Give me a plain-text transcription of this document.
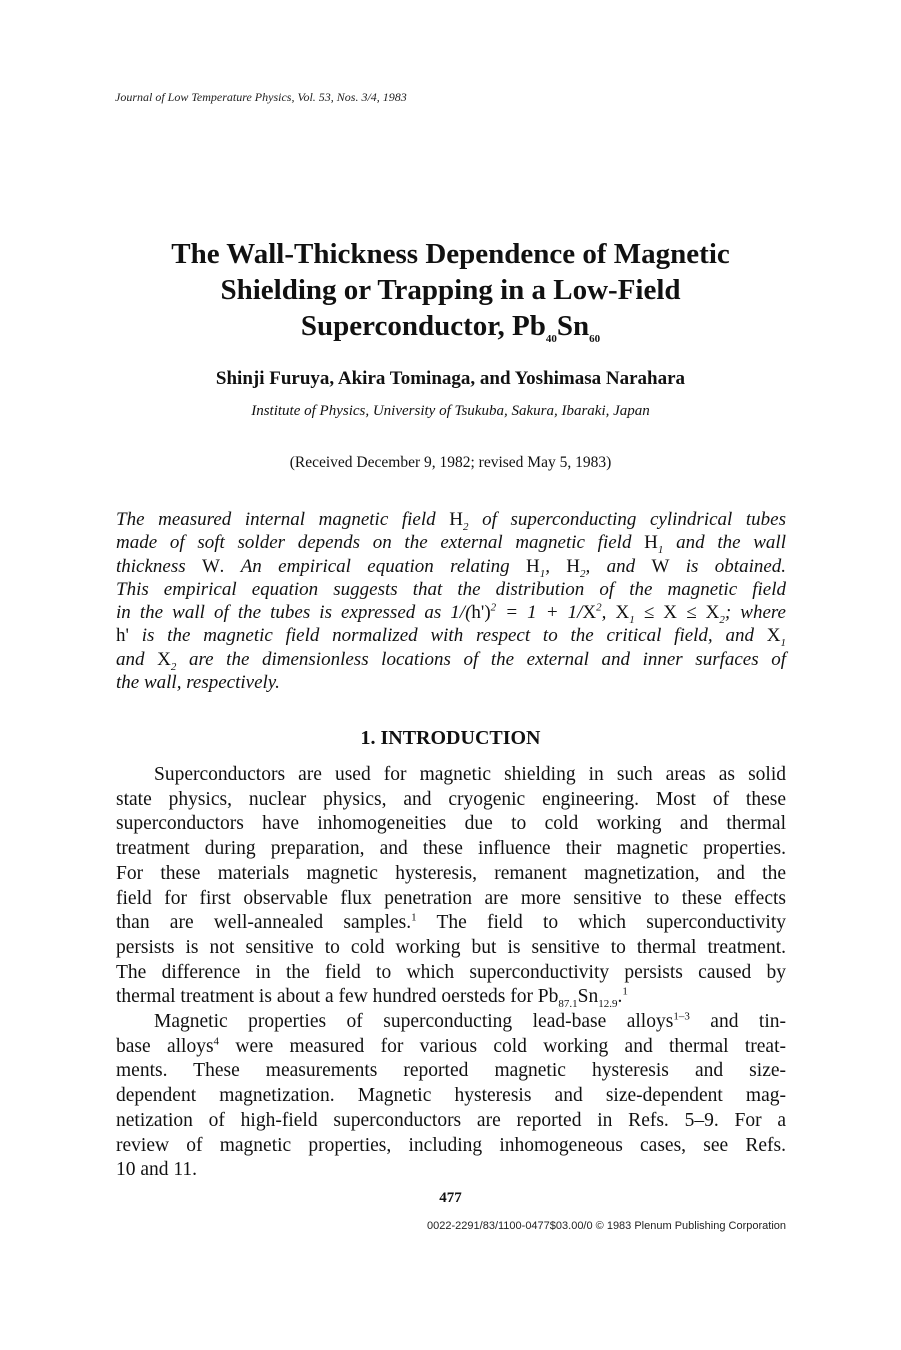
Journal of Low Temperature Physics, Vol. 53, Nos. 3/4, 1983
The Wall-Thickness Dependence of Magnetic
Shielding or Trapping in a Low-Field
Superconductor, $Pb_{40}Sn_{60}$
Shinji Furuya, Akira Tominaga, and Yoshimasa Narahara
Institute of Physics, University of Tsukuba, Sakura, Ibaraki, Japan
(Received December 9, 1982; revised May 5, 1983)
The measured internal magnetic field $H_2$ of superconducting cylindrical tubes
made of soft solder depends on the external magnetic field $H_1$ and the wall
thickness W. An empirical equation relating $H_1$, $H_2$, and W is obtained.
This empirical equation suggests that the distribution of the magnetic field
in the wall of the tubes is expressed as $1/(h')^2 = 1 + 1/X^2$, $X_1 \le X \le X_2$; where
h' is the magnetic field normalized with respect to the critical field, and $X_1$
and $X_2$ are the dimensionless locations of the external and inner surfaces of
the wall, respectively.
1. INTRODUCTION

Superconductors are used for magnetic shielding in such areas as solid
state physics, nuclear physics, and cryogenic engineering. Most of these
superconductors have inhomogeneities due to cold working and thermal
treatment during preparation, and these influence their magnetic properties.
For these materials magnetic hysteresis, remanent magnetization, and the
field for first observable flux penetration are more sensitive to these effects
than are well-annealed samples.$^1$ The field to which superconductivity
persists is not sensitive to cold working but is sensitive to thermal treatment.
The difference in the field to which superconductivity persists caused by
thermal treatment is about a few hundred oersteds for $Pb_{87.1}Sn_{12.9}.^1$

Magnetic properties of superconducting lead-base alloys$^{1-3}$ and tin-
base alloys$^4$ were measured for various cold working and thermal treat-
ments. These measurements reported magnetic hysteresis and size-
dependent magnetization. Magnetic hysteresis and size-dependent mag-
netization of high-field superconductors are reported in Refs. 5–9. For a
review of magnetic properties, including inhomogeneous cases, see Refs.
10 and 11.

477
0022-2291/83/1100-0477$03.00/0 © 1983 Plenum Publishing Corporation
